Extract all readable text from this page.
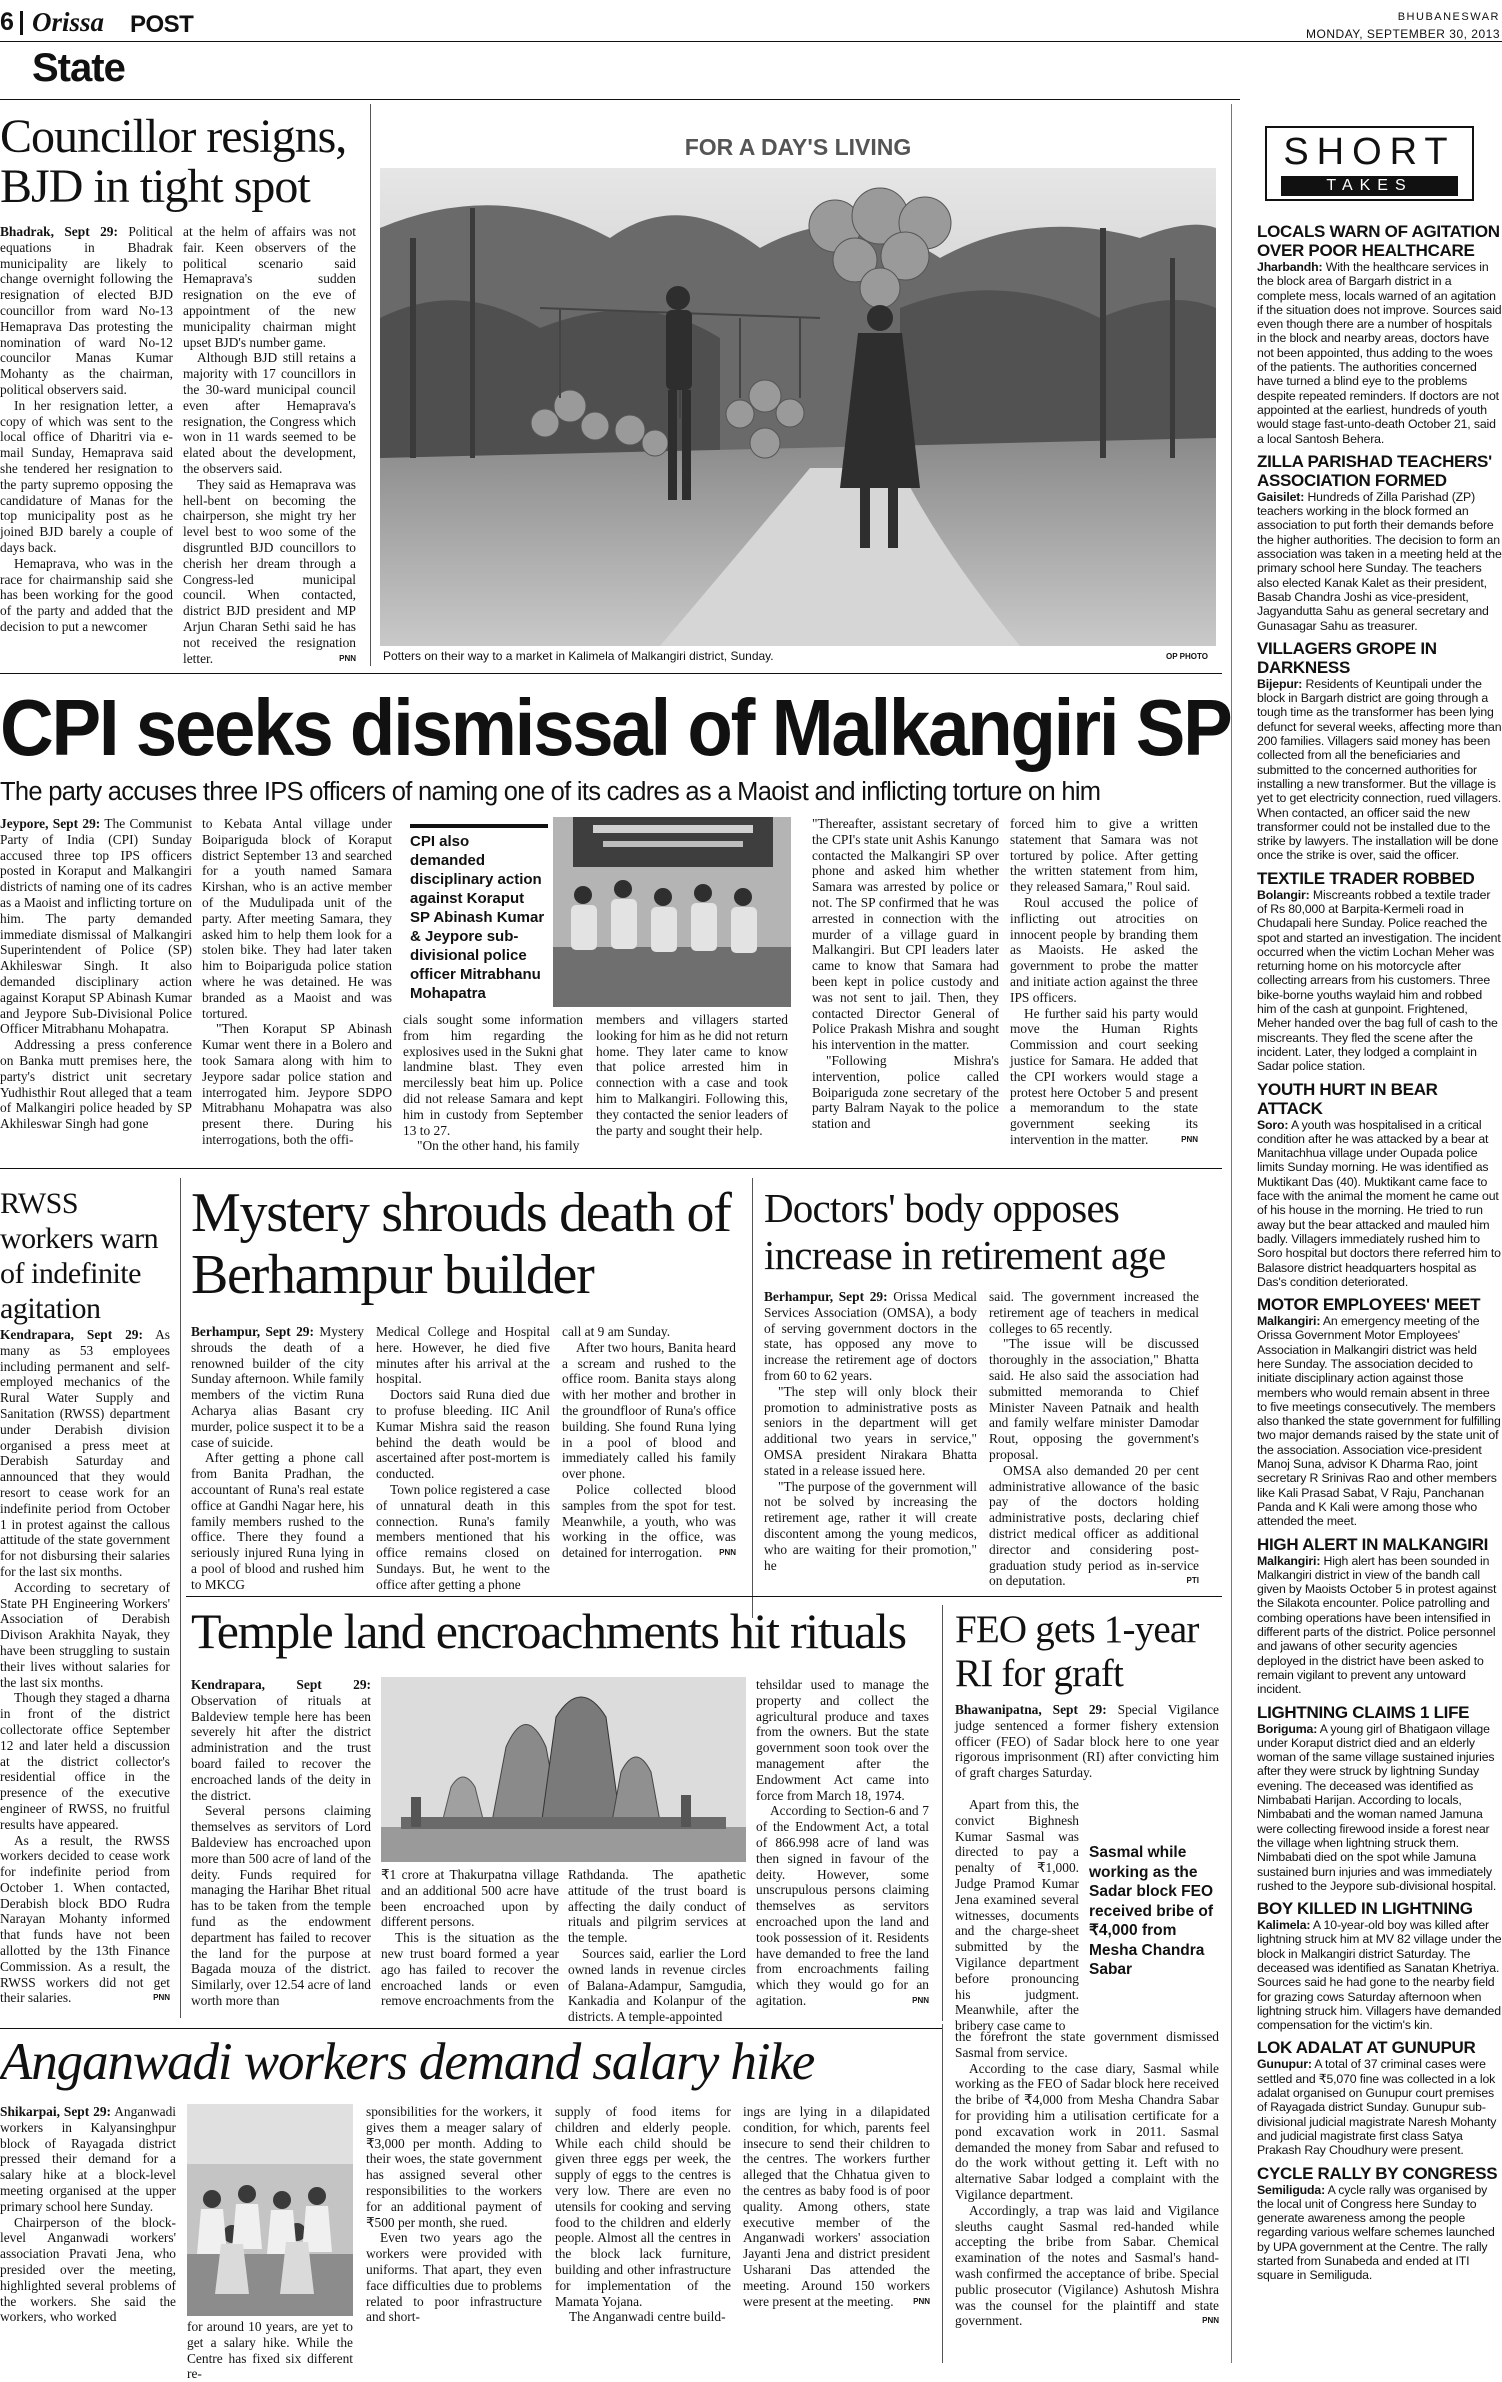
6 Orissa POST	BHUBANESWAR
MONDAY, SEPTEMBER 30, 2013
State
Councillor resigns, BJD in tight spot

Bhadrak, Sept 29: Political equations in Bhadrak municipality are likely to change overnight following the resignation of elected BJD councillor from ward No-13 Hemaprava Das protesting the nomination of ward No-12 councilor Manas Kumar Mohanty as the chairman, political observers said.

In her resignation letter, a copy of which was sent to the local office of Dharitri via e-mail Sunday, Hemaprava said she tendered her resignation to the party supremo opposing the candidature of Manas for the top municipality post as he joined BJD barely a couple of days back.

Hemaprava, who was in the race for chairmanship said she has been working for the good of the party and added that the decision to put a newcomer

at the helm of affairs was not fair. Keen observers of the political scenario said Hemaprava's sudden resignation on the eve of appointment of the new municipality chairman might upset BJD's number game.

Although BJD still retains a majority with 17 councillors in the 30-ward municipal council even after Hemaprava's resignation, the Congress which won in 11 wards seemed to be elated about the development, the observers said.

They said as Hemaprava was hell-bent on becoming the chairperson, she might try her level best to woo some of the disgruntled BJD councillors to cherish her dream through a Congress-led municipal council. When contacted, district BJD president and MP Arjun Charan Sethi said he has not received the resignation letter.	PNN

FOR A DAY'S LIVING
Potters on their way to a market in Kalimela of Malkangiri district, Sunday.	OP PHOTO
SHORT
TAKES
LOCALS WARN OF AGITATION OVER POOR HEALTHCARE
Jharbandh: With the healthcare services in the block area of Bargarh district in a complete mess, locals warned of an agitation if the situation does not improve. Sources said even though there are a number of hospitals in the block and nearby areas, doctors have not been appointed, thus adding to the woes of the patients. The authorities concerned have turned a blind eye to the problems despite repeated reminders. If doctors are not appointed at the earliest, hundreds of youth would stage fast-unto-death October 21, said a local Santosh Behera.
ZILLA PARISHAD TEACHERS' ASSOCIATION FORMED
Gaisilet: Hundreds of Zilla Parishad (ZP) teachers working in the block formed an association to put forth their demands before the higher authorities. The decision to form an association was taken in a meeting held at the primary school here Sunday. The teachers also elected Kanak Kalet as their president, Basab Chandra Joshi as vice-president, Jagyandutta Sahu as general secretary and Gunasagar Sahu as treasurer.
VILLAGERS GROPE IN DARKNESS
Bijepur: Residents of Keuntipali under the block in Bargarh district are going through a tough time as the transformer has been lying defunct for several weeks, affecting more than 200 families. Villagers said money has been collected from all the beneficiaries and submitted to the concerned authorities for installing a new transformer. But the village is yet to get electricity connection, rued villagers. When contacted, an officer said the new transformer could not be installed due to the strike by lawyers. The installation will be done once the strike is over, said the officer.
TEXTILE TRADER ROBBED
Bolangir: Miscreants robbed a textile trader of Rs 80,000 at Barpita-Kermeli road in Chudapali here Sunday. Police reached the spot and started an investigation. The incident occurred when the victim Lochan Meher was returning home on his motorcycle after collecting arrears from his customers. Three bike-borne youths waylaid him and robbed him of the cash at gunpoint. Frightened, Meher handed over the bag full of cash to the miscreants. They fled the scene after the incident. Later, they lodged a complaint in Sadar police station.
YOUTH HURT IN BEAR ATTACK
Soro: A youth was hospitalised in a critical condition after he was attacked by a bear at Manitachhua village under Oupada police limits Sunday morning. He was identified as Muktikant Das (40). Muktikant came face to face with the animal the moment he came out of his house in the morning. He tried to run away but the bear attacked and mauled him badly. Villagers immediately rushed him to Soro hospital but doctors there referred him to Balasore district headquarters hospital as Das's condition deteriorated.
MOTOR EMPLOYEES' MEET
Malkangiri: An emergency meeting of the Orissa Government Motor Employees' Association in Malkangiri district was held here Sunday. The association decided to initiate disciplinary action against those members who would remain absent in three to five meetings consecutively. The members also thanked the state government for fulfilling two major demands raised by the state unit of the association. Association vice-president Manoj Suna, advisor K Dharma Rao, joint secretary R Srinivas Rao and other members like Kali Prasad Sabat, V Raju, Panchanan Panda and K Kali were among those who attended the meet.
HIGH ALERT IN MALKANGIRI
Malkangiri: High alert has been sounded in Malkangiri district in view of the bandh call given by Maoists October 5 in protest against the Silakota encounter. Police patrolling and combing operations have been intensified in different parts of the district. Police personnel and jawans of other security agencies deployed in the district have been asked to remain vigilant to prevent any untoward incident.
LIGHTNING CLAIMS 1 LIFE
Boriguma: A young girl of Bhatigaon village under Koraput district died and an elderly woman of the same village sustained injuries after they were struck by lightning Sunday evening. The deceased was identified as Nimbabati Harijan. According to locals, Nimbabati and the woman named Jamuna were collecting firewood inside a forest near the village when lightning struck them. Nimbabati died on the spot while Jamuna sustained burn injuries and was immediately rushed to the Jeypore sub-divisional hospital.
BOY KILLED IN LIGHTNING
Kalimela: A 10-year-old boy was killed after lightning struck him at MV 82 village under the block in Malkangiri district Saturday. The deceased was identified as Sanatan Khetriya. Sources said he had gone to the nearby field for grazing cows Saturday afternoon when lightning struck him. Villagers have demanded compensation for the victim's kin.
LOK ADALAT AT GUNUPUR
Gunupur: A total of 37 criminal cases were settled and ₹5,070 fine was collected in a lok adalat organised on Gunupur court premises of Rayagada district Sunday. Gunupur sub-divisional judicial magistrate Naresh Mohanty and judicial magistrate first class Satya Prakash Ray Choudhury were present.
CYCLE RALLY BY CONGRESS
Semiliguda: A cycle rally was organised by the local unit of Congress here Sunday to generate awareness among the people regarding various welfare schemes launched by UPA government at the Centre. The rally started from Sunabeda and ended at ITI square in Semiliguda.
CPI seeks dismissal of Malkangiri SP
The party accuses three IPS officers of naming one of its cadres as a Maoist and inflicting torture on him

Jeypore, Sept 29: The Communist Party of India (CPI) Sunday accused three top IPS officers posted in Koraput and Malkangiri districts of naming one of its cadres as a Maoist and inflicting torture on him. The party demanded immediate dismissal of Malkangiri Superintendent of Police (SP) Akhileswar Singh. It also demanded disciplinary action against Koraput SP Abinash Kumar and Jeypore Sub-Divisional Police Officer Mitrabhanu Mohapatra.

Addressing a press conference on Banka mutt premises here, the party's district unit secretary Yudhisthir Rout alleged that a team of Malkangiri police headed by SP Akhileswar Singh had gone

to Kebata Antal village under Boipariguda block of Koraput district September 13 and searched for a youth named Samara Kirshan, who is an active member of the Mudulipada unit of the party. After meeting Samara, they asked him to help them look for a stolen bike. They had later taken him to Boipariguda police station where he was detained. He was branded as a Maoist and was tortured.

"Then Koraput SP Abinash Kumar went there in a Bolero and took Samara along with him to Jeypore sadar police station and interrogated him. Jeypore SDPO Mitrabhanu Mohapatra was also present there. During his interrogations, both the offi-

CPI also demanded disciplinary action against Koraput SP Abinash Kumar & Jeypore sub-divisional police officer Mitrabhanu Mohapatra

cials sought some information from him regarding the explosives used in the Sukni ghat landmine blast. They even mercilessly beat him up. Police did not release Samara and kept him in custody from September 13 to 27.

"On the other hand, his family

members and villagers started looking for him as he did not return home. They later came to know that police arrested him in connection with a case and took him to Malkangiri. Following this, they contacted the senior leaders of the party and sought their help.

"Thereafter, assistant secretary of the CPI's state unit Ashis Kanungo contacted the Malkangiri SP over phone and asked him whether Samara was arrested by police or not. The SP confirmed that he was arrested in connection with the murder of a village guard in Malkangiri. But CPI leaders later came to know that Samara had been kept in police custody and was not sent to jail. Then, they contacted Director General of Police Prakash Mishra and sought his intervention in the matter.

"Following Mishra's intervention, police called Boipariguda zone secretary of the party Balram Nayak to the police station and

forced him to give a written statement that Samara was not tortured by police. After getting the written statement from him, they released Samara," Roul said.

Roul accused the police of inflicting out atrocities on innocent people by branding them as Maoists. He asked the government to probe the matter and initiate action against the three IPS officers.

He further said his party would move the Human Rights Commission and court seeking justice for Samara. He added that the CPI workers would stage a protest here October 5 and present a memorandum to the state government seeking its intervention in the matter.	PNN

RWSS workers warn of indefinite agitation

Kendrapara, Sept 29: As many as 53 employees including permanent and self-employed mechanics of the Rural Water Supply and Sanitation (RWSS) department under Derabish division organised a press meet at Derabish Saturday and announced that they would resort to cease work for an indefinite period from October 1 in protest against the callous attitude of the state government for not disbursing their salaries for the last six months.

According to secretary of State PH Engineering Workers' Association of Derabish Divison Arakhita Nayak, they have been struggling to sustain their lives without salaries for the last six months.

Though they staged a dharna in front of the district collectorate office September 12 and later held a discussion at the district collector's residential office in the presence of the executive engineer of RWSS, no fruitful results have appeared.

As a result, the RWSS workers decided to cease work for indefinite period from October 1. When contacted, Derabish block BDO Rudra Narayan Mohanty informed that funds have not been allotted by the 13th Finance Commission. As a result, the RWSS workers did not get their salaries.	PNN

Mystery shrouds death of Berhampur builder

Berhampur, Sept 29: Mystery shrouds the death of a renowned builder of the city Sunday afternoon. While family members of the victim Runa Acharya alias Basant cry murder, police suspect it to be a case of suicide.

After getting a phone call from Banita Pradhan, the accountant of Runa's real estate office at Gandhi Nagar here, his family members rushed to the office. There they found a seriously injured Runa lying in a pool of blood and rushed him to MKCG

Medical College and Hospital here. However, he died five minutes after his arrival at the hospital.

Doctors said Runa died due to profuse bleeding. IIC Anil Kumar Mishra said the reason behind the death would be ascertained after post-mortem is conducted.

Town police registered a case of unnatural death in this connection. Runa's family members mentioned that his office remains closed on Sundays. But, he went to the office after getting a phone

call at 9 am Sunday.

After two hours, Banita heard a scream and rushed to the office room. Banita stays along with her mother and brother in the groundfloor of Runa's office building. She found Runa lying in a pool of blood and immediately called his family over phone.

Police collected blood samples from the spot for test. Meanwhile, a youth, who was working in the office, was detained for interrogation.	PNN

Doctors' body opposes increase in retirement age

Berhampur, Sept 29: Orissa Medical Services Association (OMSA), a body of serving government doctors in the state, has opposed any move to increase the retirement age of doctors from 60 to 62 years.

"The step will only block their promotion to administrative posts as seniors in the department will get additional two years in service," OMSA president Nirakara Bhatta stated in a release issued here.

"The purpose of the government will not be solved by increasing the retirement age, rather it will create discontent among the young medicos, who are waiting for their promotion," he

said. The government increased the retirement age of teachers in medical colleges to 65 recently.

"The issue will be discussed thoroughly in the association," Bhatta said. He also said the association had submitted memoranda to Chief Minister Naveen Patnaik and health and family welfare minister Damodar Rout, opposing the government's proposal.

OMSA also demanded 20 per cent administrative allowance of the basic pay of the doctors holding administrative posts, declaring chief district medical officer as additional director and considering post-graduation study period as in-service on deputation.	PTI

Temple land encroachments hit rituals

Kendrapara, Sept 29: Observation of rituals at Baldeview temple here has been severely hit after the district administration and the trust board failed to recover the encroached lands of the deity in the district.

Several persons claiming themselves as servitors of Lord Baldeview has encroached upon more than 500 acre of land of the deity. Funds required for managing the Harihar Bhet ritual has to be taken from the temple fund as the endowment department has failed to recover the land for the purpose at Bagada mouza of the district. Similarly, over 12.54 acre of land worth more than

₹1 crore at Thakurpatna village and an additional 500 acre have been encroached upon by different persons.

This is the situation as the new trust board formed a year ago has failed to recover the encroached lands or even remove encroachments from the

Rathdanda. The apathetic attitude of the trust board is affecting the daily conduct of rituals and pilgrim services at the temple.

Sources said, earlier the Lord owned lands in revenue circles of Balana-Adampur, Samgudia, Kankadia and Kolanpur of the districts. A temple-appointed

tehsildar used to manage the property and collect the agricultural produce and taxes from the owners. But the state government soon took over the management after the Endowment Act came into force from March 18, 1974.

According to Section-6 and 7 of the Endowment Act, a total of 866.998 acre of land was then signed in favour of the deity. However, some unscrupulous persons claiming themselves as servitors encroached upon the land and took possession of it. Residents have demanded to free the land from encroachments failing which they would go for an agitation.	PNN

FEO gets 1-year RI for graft

Bhawanipatna, Sept 29: Special Vigilance judge sentenced a former fishery extension officer (FEO) of Sadar block here to one year rigorous imprisonment (RI) after convicting him of graft charges Saturday.

Apart from this, the convict Bighnesh Kumar Sasmal was directed to pay a penalty of ₹1,000. Judge Pramod Kumar Jena examined several witnesses, documents and the charge-sheet submitted by the Vigilance department before pronouncing his judgment. Meanwhile, after the bribery case came to

Sasmal while working as the Sadar block FEO received bribe of ₹4,000 from Mesha Chandra Sabar

the forefront the state government dismissed Sasmal from service.

According to the case diary, Sasmal while working as the FEO of Sadar block here received the bribe of ₹4,000 from Mesha Chandra Sabar for providing him a utilisation certificate for a pond excavation work in 2011. Sasmal demanded the money from Sabar and refused to do the work without getting it. Left with no alternative Sabar lodged a complaint with the Vigilance department.

Accordingly, a trap was laid and Vigilance sleuths caught Sasmal red-handed while accepting the bribe from Sabar. Chemical examination of the notes and Sasmal's hand-wash confirmed the acceptance of bribe. Special public prosecutor (Vigilance) Ashutosh Mishra was the counsel for the plaintiff and state government.	PNN

Anganwadi workers demand salary hike

Shikarpai, Sept 29: Anganwadi workers in Kalyansinghpur block of Rayagada district pressed their demand for a salary hike at a block-level meeting organised at the upper primary school here Sunday.

Chairperson of the block-level Anganwadi workers' association Pravati Jena, who presided over the meeting, highlighted several problems of the workers. She said the workers, who worked

for around 10 years, are yet to get a salary hike. While the Centre has fixed six different re-

sponsibilities for the workers, it gives them a meager salary of ₹3,000 per month. Adding to their woes, the state government has assigned several other responsibilities to the workers for an additional payment of ₹500 per month, she rued.

Even two years ago the workers were provided with uniforms. That apart, they even face difficulties due to problems related to poor infrastructure and short-

supply of food items for children and elderly people. While each child should be given three eggs per week, the supply of eggs to the centres is very low. There are even no utensils for cooking and serving food to the children and elderly people. Almost all the centres in the block lack furniture, building and other infrastructure for implementation of the Mamata Yojana.

The Anganwadi centre build-

ings are lying in a dilapidated condition, for which, parents feel insecure to send their children to the centres. The workers further alleged that the Chhatua given to the centres as baby food is of poor quality. Among others, state executive member of the Anganwadi workers' association Jayanti Jena and district president Usharani Das attended the meeting. Around 150 workers were present at the meeting. PNN
